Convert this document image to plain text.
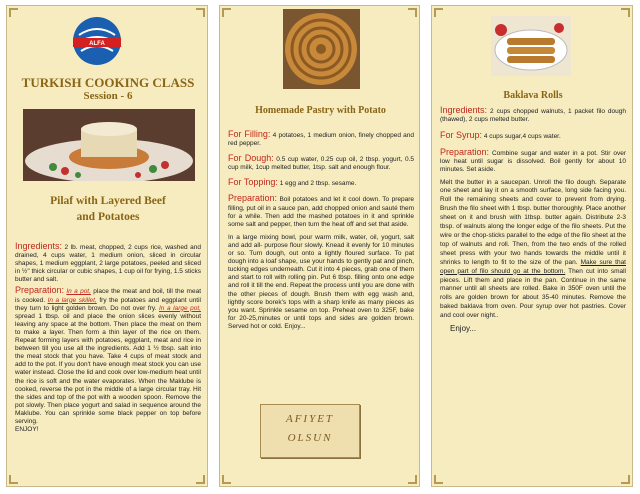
ALFA

TURKISH COOKING CLASS

Session - 6

Pilaf with Layered Beef

and Potatoes

Ingredients: 2 lb. meat, chopped, 2 cups rice, washed and drained, 4 cups water, 1 medium onion, sliced in circular shapes, 1 medium eggplant, 2 large potatoes, peeled and sliced in ½" thick circular or cubic shapes, 1 cup oil for frying, 1.5 sticks butter and salt.

Preparation: In a pot, place the meat and boil, till the meat is cooked. In a large skillet, fry the potatoes and eggplant until they turn to light golden brown. Do not over fry. In a large pot, spread 1 tbsp. oil and place the onion slices evenly without leaving any space at the bottom. Then place the meat on them to make a layer. Then form a thin layer of the rice on them. Repeat forming layers with potatoes, eggplant, meat and rice in between till you use all the ingredients. Add 1 ½ tbsp. salt into the meat stock that you have. Take 4 cups of meat stock and add to the pot. If you don't have enough meat stock you can use water instead. Close the lid and cook over low-medium heat until the rice is soft and the water evaporates. When the Maklube is cooked, reverse the pot in the middle of a large circular tray. Hit the sides and top of the pot with a wooden spoon. Remove the pot slowly. Then place yogurt and salad in sequence around the Maklube. You can sprinkle some black pepper on top before serving.

ENJOY!

Homemade Pastry with Potato

For Filling: 4 potatoes, 1 medium onion, finely chopped and red pepper.

For Dough: 0.5 cup water, 0.25 cup oil, 2 tbsp. yogurt, 0.5 cup milk, 1cup melted butter, 1tsp. salt and enough flour.

For Topping: 1 egg and 2 tbsp. sesame.

Preparation: Boil potatoes and let it cool down. To prepare filling, put oil in a sauce pan, add chopped onion and sauté them for a while. Then add the mashed potatoes in it and sprinkle some salt and pepper, then turn the heat off and set that aside.

In a large mixing bowl, pour warm milk, water, oil, yogurt, salt and add all- purpose flour slowly. Knead it evenly for 10 minutes or so. Turn dough, out onto a lightly floured surface. To pat dough into a loaf shape, use your hands to gently pat and pinch, tucking edges underneath. Cut it into 4 pieces, grab one of them and start to roll with rolling pin. Put 6 tbsp. filling onto one edge and roll it till the end. Repeat the process until you are done with the other pieces of dough. Brush them with egg wash and, lightly score borek's tops with a sharp knife as many pieces as you want. Sprinkle sesame on top. Preheat oven to 325F, bake for 20-25,minutes or until tops and sides are golden brown. Served hot or cold. Enjoy...

AFIYET

OLSUN

Baklava Rolls

Ingredients: 2 cups chopped walnuts, 1 packet filo dough (thawed), 2 cups melted butter.

For Syrup: 4 cups sugar,4 cups water.

Preparation: Combine sugar and water in a pot. Stir over low heat until sugar is dissolved. Boil gently for about 10 minutes. Set aside.

Melt the butter in a saucepan. Unroll the filo dough. Separate one sheet and lay it on a smooth surface, long side facing you. Roll the remaining sheets and cover to prevent from drying. Brush the filo sheet with 1 tbsp. butter thoroughly. Place another sheet on it and brush with 1tbsp. butter again. Distribute 2-3 tbsp. of walnuts along the longer edge of the filo sheets. Put the wire or the chop-sticks parallel to the edge of the filo sheet at the top of walnuts and roll. Then, from the two ends of the rolled sheet press with your two hands towards the middle until it shrinks to length to fit to the size of the pan. Make sure that open part of filo should go at the bottom. Then cut into small pieces. Lift them and place in the pan. Continue in the same manner until all sheets are rolled. Bake in 350F oven until the rolls are golden brown for about 35-40 minutes. Remove the baked baklava from oven. Pour syrup over hot pastries. Cover and cool over night..

Enjoy...
